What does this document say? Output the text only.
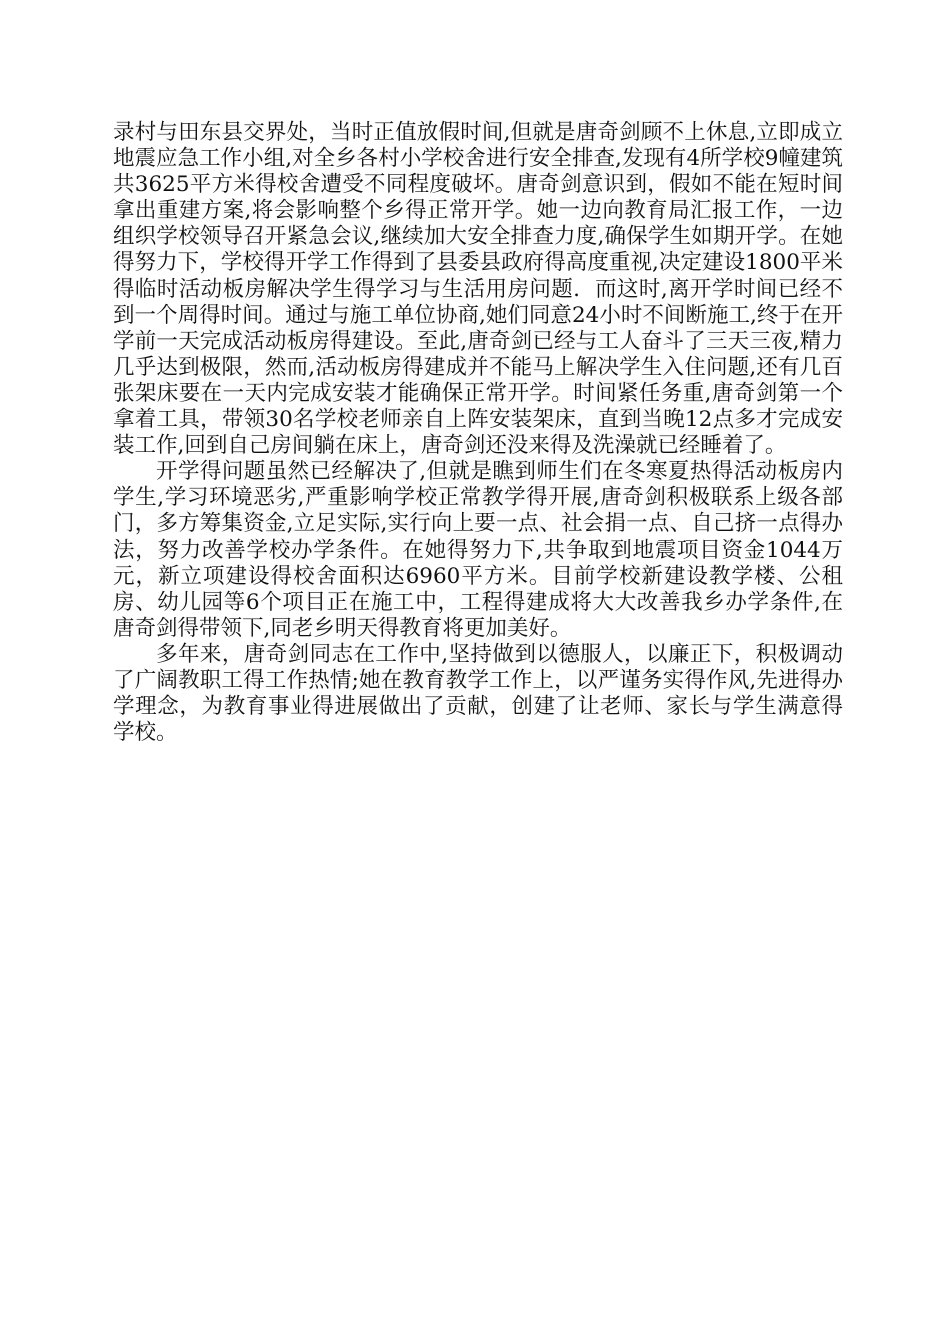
录村与田东县交界处，当时正值放假时间,但就是唐奇剑顾不上休息,立即成立地震应急工作小组,对全乡各村小学校舍进行安全排查,发现有4所学校9幢建筑共3625平方米得校舍遭受不同程度破坏。唐奇剑意识到，假如不能在短时间拿出重建方案,将会影响整个乡得正常开学。她一边向教育局汇报工作，一边组织学校领导召开紧急会议,继续加大安全排查力度,确保学生如期开学。在她得努力下，学校得开学工作得到了县委县政府得高度重视,决定建设1800平米得临时活动板房解决学生得学习与生活用房问题．而这时,离开学时间已经不到一个周得时间。通过与施工单位协商,她们同意24小时不间断施工,终于在开学前一天完成活动板房得建设。至此,唐奇剑已经与工人奋斗了三天三夜,精力几乎达到极限，然而,活动板房得建成并不能马上解决学生入住问题,还有几百张架床要在一天内完成安装才能确保正常开学。时间紧任务重,唐奇剑第一个拿着工具，带领30名学校老师亲自上阵安装架床，直到当晚12点多才完成安装工作,回到自己房间躺在床上，唐奇剑还没来得及洗澡就已经睡着了。

开学得问题虽然已经解决了,但就是瞧到师生们在冬寒夏热得活动板房内学生,学习环境恶劣,严重影响学校正常教学得开展,唐奇剑积极联系上级各部门，多方筹集资金,立足实际,实行向上要一点、社会捐一点、自己挤一点得办法，努力改善学校办学条件。在她得努力下,共争取到地震项目资金1044万元，新立项建设得校舍面积达6960平方米。目前学校新建设教学楼、公租房、幼儿园等6个项目正在施工中，工程得建成将大大改善我乡办学条件,在唐奇剑得带领下,同老乡明天得教育将更加美好。

多年来，唐奇剑同志在工作中,坚持做到以德服人，以廉正下，积极调动了广阔教职工得工作热情;她在教育教学工作上，以严谨务实得作风,先进得办学理念，为教育事业得进展做出了贡献，创建了让老师、家长与学生满意得学校。
